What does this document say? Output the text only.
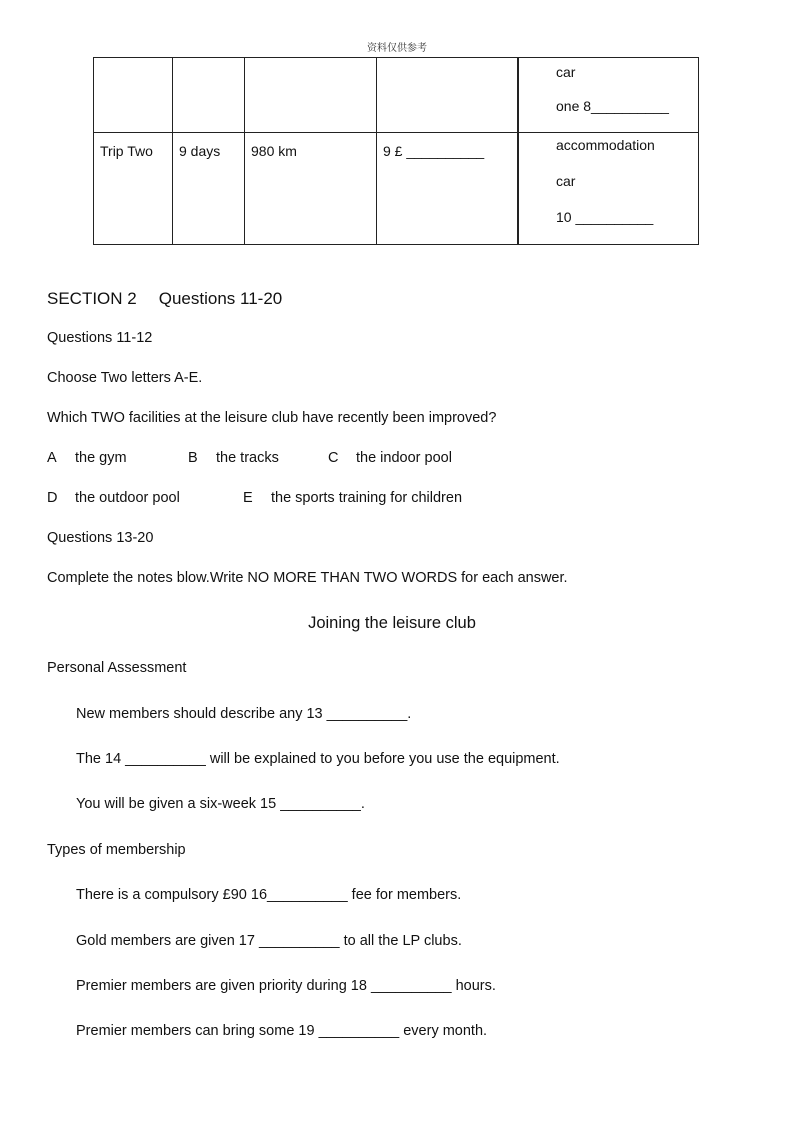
资料仅供参考

				car
one 8__________

Trip Two	9 days	980 km	9 £ __________	accommodation
car
10 __________
SECTION 2 Questions 11-20
Questions 11-12
Choose Two letters A-E.
Which TWO facilities at the leisure club have recently been improved?
A the gym	B the tracks	C the indoor pool
D the outdoor pool	E the sports training for children
Questions 13-20
Complete the notes blow.Write NO MORE THAN TWO WORDS for each answer.
Joining the leisure club
Personal Assessment
New members should describe any 13 __________.
The 14 __________ will be explained to you before you use the equipment.
You will be given a six-week 15 __________.
Types of membership
There is a compulsory £90 16__________ fee for members.
Gold members are given 17 __________ to all the LP clubs.
Premier members are given priority during 18 __________ hours.
Premier members can bring some 19 __________ every month.
